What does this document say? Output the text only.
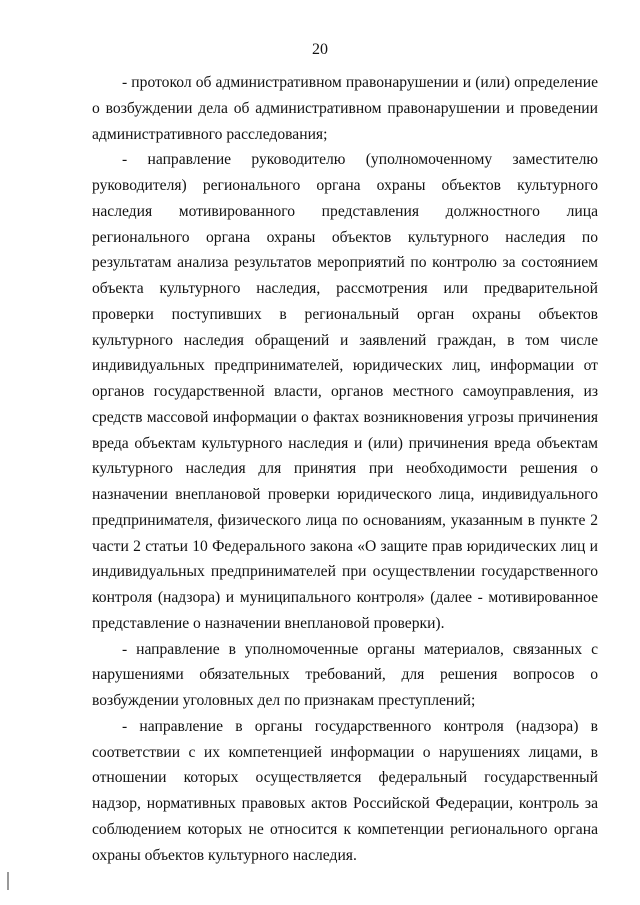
20

- протокол об административном правонарушении и (или) определение о возбуждении дела об административном правонарушении и проведении административного расследования;

- направление руководителю (уполномоченному заместителю руководителя) регионального органа охраны объектов культурного наследия мотивированного представления должностного лица регионального органа охраны объектов культурного наследия по результатам анализа результатов мероприятий по контролю за состоянием объекта культурного наследия, рассмотрения или предварительной проверки поступивших в региональный орган охраны объектов культурного наследия обращений и заявлений граждан, в том числе индивидуальных предпринимателей, юридических лиц, информации от органов государственной власти, органов местного самоуправления, из средств массовой информации о фактах возникновения угрозы причинения вреда объектам культурного наследия и (или) причинения вреда объектам культурного наследия для принятия при необходимости решения о назначении внеплановой проверки юридического лица, индивидуального предпринимателя, физического лица по основаниям, указанным в пункте 2 части 2 статьи 10 Федерального закона «О защите прав юридических лиц и индивидуальных предпринимателей при осуществлении государственного контроля (надзора) и муниципального контроля» (далее - мотивированное представление о назначении внеплановой проверки).

- направление в уполномоченные органы материалов, связанных с нарушениями обязательных требований, для решения вопросов о возбуждении уголовных дел по признакам преступлений;

- направление в органы государственного контроля (надзора) в соответствии с их компетенцией информации о нарушениях лицами, в отношении которых осуществляется федеральный государственный надзор, нормативных правовых актов Российской Федерации, контроль за соблюдением которых не относится к компетенции регионального органа охраны объектов культурного наследия.
